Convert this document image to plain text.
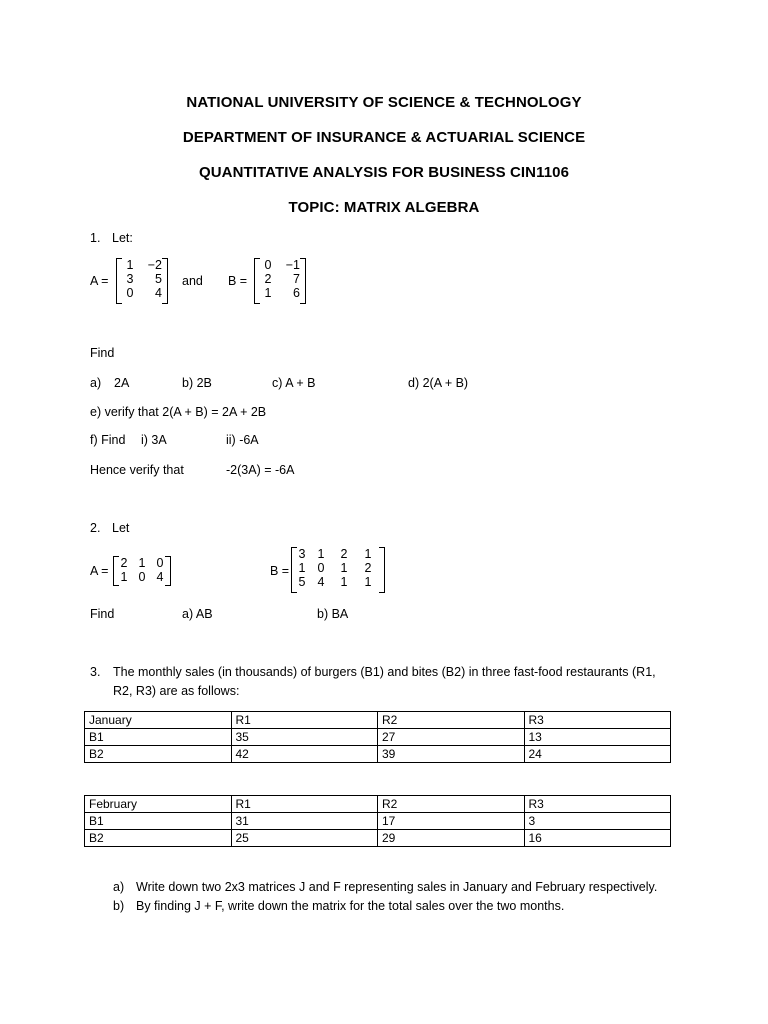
NATIONAL UNIVERSITY OF SCIENCE & TECHNOLOGY
DEPARTMENT OF INSURANCE & ACTUARIAL SCIENCE
QUANTITATIVE ANALYSIS FOR BUSINESS CIN1106
TOPIC: MATRIX ALGEBRA
1. Let:
A =
1	−2
3	5
0	4
and B =
0	−1
2	7
1	6
Find
a) 2A	b) 2B	c) A + B	d) 2(A + B)
e) verify that 2(A + B) = 2A + 2B
f) Find i) 3A	ii) -6A
Hence verify that	-2(3A) = -6A
2. Let
A =
2 1 0
1 0 4	B =
3 1	2	1
1 0	1	2
5 4	1	1
Find	a) AB	b) BA
3. The monthly sales (in thousands) of burgers (B1) and bites (B2) in three fast-food restaurants (R1,
R2, R3) are as follows:
January	R1	R2	R3
B1	35	27	13
B2	42	39	24
February	R1	R2	R3
B1	31	17	3
B2	25	29	16
a) Write down two 2x3 matrices J and F representing sales in January and February respectively.
b) By finding J + F, write down the matrix for the total sales over the two months.
